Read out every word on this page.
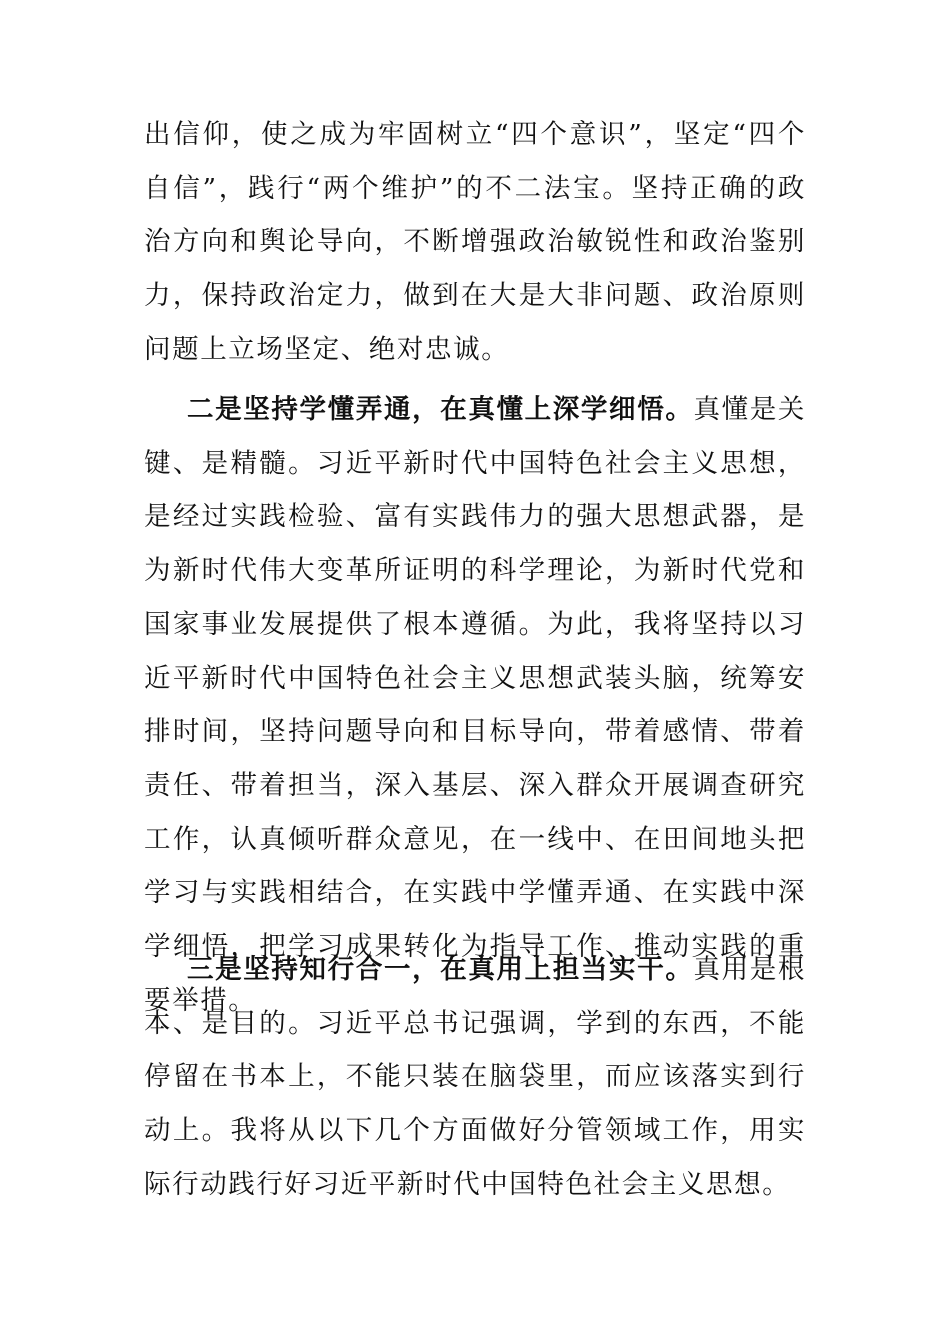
出信仰，使之成为牢固树立“四个意识”，坚定“四个自信”，践行“两个维护”的不二法宝。坚持正确的政治方向和舆论导向，不断增强政治敏锐性和政治鉴别力，保持政治定力，做到在大是大非问题、政治原则问题上立场坚定、绝对忠诚。

二是坚持学懂弄通，在真懂上深学细悟。真懂是关键、是精髓。习近平新时代中国特色社会主义思想，是经过实践检验、富有实践伟力的强大思想武器，是为新时代伟大变革所证明的科学理论，为新时代党和国家事业发展提供了根本遵循。为此，我将坚持以习近平新时代中国特色社会主义思想武装头脑，统筹安排时间，坚持问题导向和目标导向，带着感情、带着责任、带着担当，深入基层、深入群众开展调查研究工作，认真倾听群众意见，在一线中、在田间地头把学习与实践相结合，在实践中学懂弄通、在实践中深学细悟，把学习成果转化为指导工作、推动实践的重要举措。

三是坚持知行合一，在真用上担当实干。真用是根本、是目的。习近平总书记强调，学到的东西，不能停留在书本上，不能只装在脑袋里，而应该落实到行动上。我将从以下几个方面做好分管领域工作，用实际行动践行好习近平新时代中国特色社会主义思想。
